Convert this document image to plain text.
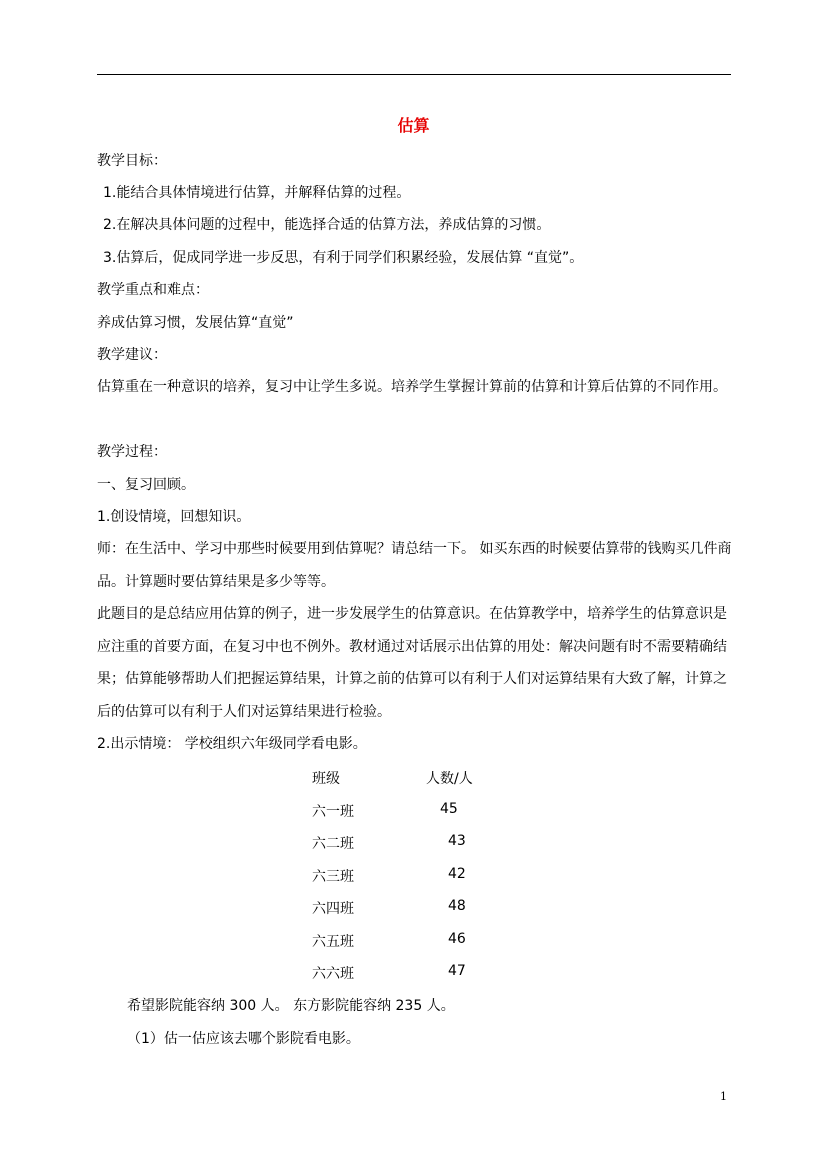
估算
教学目标：
1.能结合具体情境进行估算，并解释估算的过程。
2.在解决具体问题的过程中，能选择合适的估算方法，养成估算的习惯。
3.估算后，促成同学进一步反思，有利于同学们积累经验，发展估算 “直觉”。
教学重点和难点：
养成估算习惯，发展估算“直觉”
教学建议：
估算重在一种意识的培养，复习中让学生多说。培养学生掌握计算前的估算和计算后估算的不同作用。
教学过程：
一、复习回顾。
1.创设情境，回想知识。
师：在生活中、学习中那些时候要用到估算呢？请总结一下。 如买东西的时候要估算带的钱购买几件商品。计算题时要估算结果是多少等等。
此题目的是总结应用估算的例子，进一步发展学生的估算意识。在估算教学中，培养学生的估算意识是应注重的首要方面，在复习中也不例外。教材通过对话展示出估算的用处：解决问题有时不需要精确结果；估算能够帮助人们把握运算结果，计算之前的估算可以有利于人们对运算结果有大致了解，计算之后的估算可以有利于人们对运算结果进行检验。
2.出示情境： 学校组织六年级同学看电影。
班级	人数/人
六一班	45
六二班	43
六三班	42
六四班	48
六五班	46
六六班	47
希望影院能容纳 300 人。 东方影院能容纳 235 人。
（1）估一估应该去哪个影院看电影。
1
